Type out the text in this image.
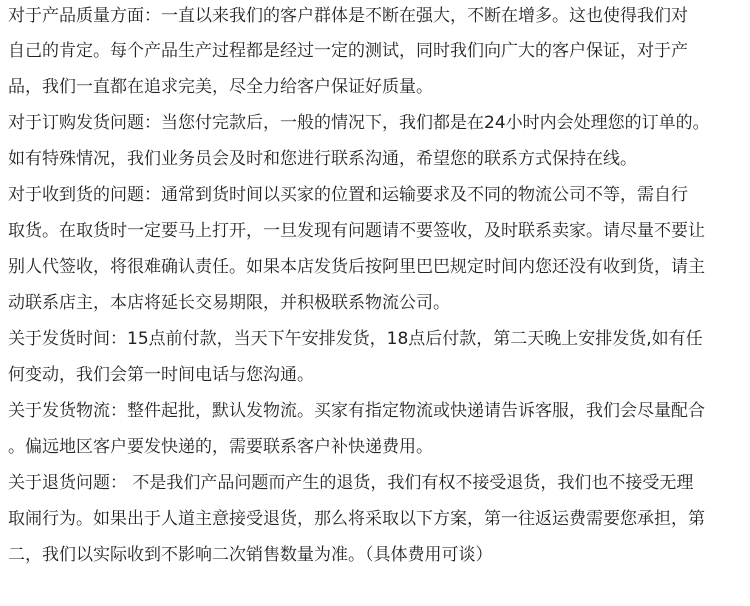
对于产品质量方面：一直以来我们的客户群体是不断在强大，不断在增多。这也使得我们对
自己的肯定。每个产品生产过程都是经过一定的测试，同时我们向广大的客户保证，对于产
品，我们一直都在追求完美，尽全力给客户保证好质量。
对于订购发货问题：当您付完款后，一般的情况下，我们都是在24小时内会处理您的订单的。
如有特殊情况，我们业务员会及时和您进行联系沟通，希望您的联系方式保持在线。
对于收到货的问题：通常到货时间以买家的位置和运输要求及不同的物流公司不等，需自行
取货。在取货时一定要马上打开，一旦发现有问题请不要签收，及时联系卖家。请尽量不要让
别人代签收，将很难确认责任。如果本店发货后按阿里巴巴规定时间内您还没有收到货，请主
动联系店主，本店将延长交易期限，并积极联系物流公司。
关于发货时间：15点前付款，当天下午安排发货，18点后付款，第二天晚上安排发货,如有任
何变动，我们会第一时间电话与您沟通。
关于发货物流：整件起批，默认发物流。买家有指定物流或快递请告诉客服，我们会尽量配合
。偏远地区客户要发快递的，需要联系客户补快递费用。
关于退货问题： 不是我们产品问题而产生的退货，我们有权不接受退货，我们也不接受无理
取闹行为。如果出于人道主意接受退货，那么将采取以下方案，第一往返运费需要您承担，第
二，我们以实际收到不影响二次销售数量为准。（具体费用可谈）
